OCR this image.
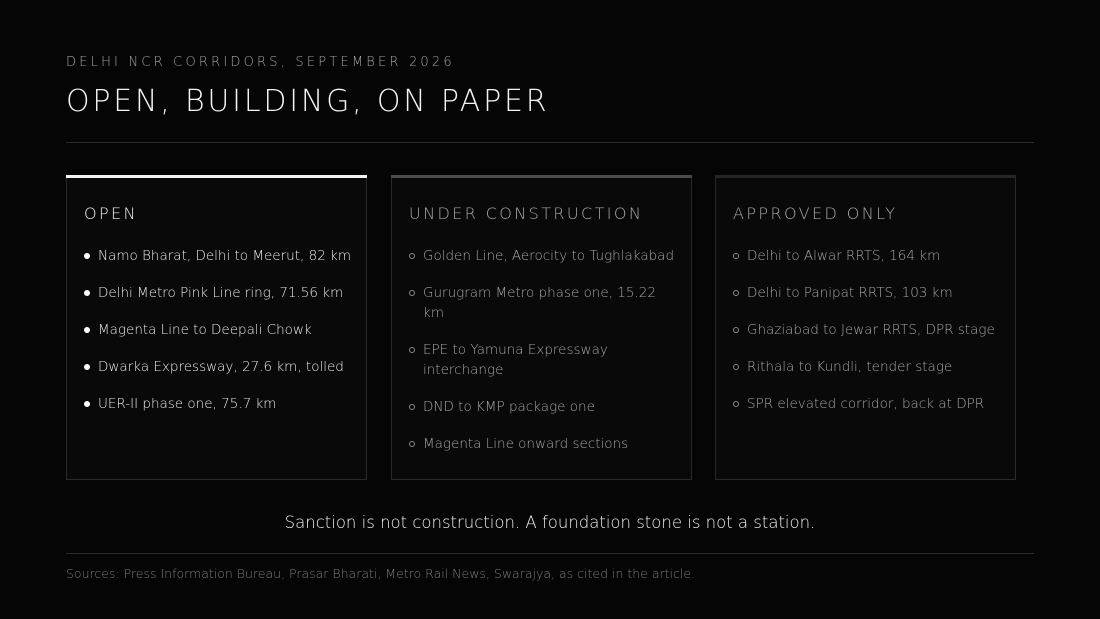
DELHI NCR CORRIDORS, SEPTEMBER 2026
OPEN, BUILDING, ON PAPER
OPEN
Namo Bharat, Delhi to Meerut, 82 km
Delhi Metro Pink Line ring, 71.56 km
Magenta Line to Deepali Chowk
Dwarka Expressway, 27.6 km, tolled
UER-II phase one, 75.7 km
UNDER CONSTRUCTION
Golden Line, Aerocity to Tughlakabad
Gurugram Metro phase one, 15.22 km
EPE to Yamuna Expressway interchange
DND to KMP package one
Magenta Line onward sections
APPROVED ONLY
Delhi to Alwar RRTS, 164 km
Delhi to Panipat RRTS, 103 km
Ghaziabad to Jewar RRTS, DPR stage
Rithala to Kundli, tender stage
SPR elevated corridor, back at DPR
Sanction is not construction. A foundation stone is not a station.
Sources: Press Information Bureau, Prasar Bharati, Metro Rail News, Swarajya, as cited in the article.
